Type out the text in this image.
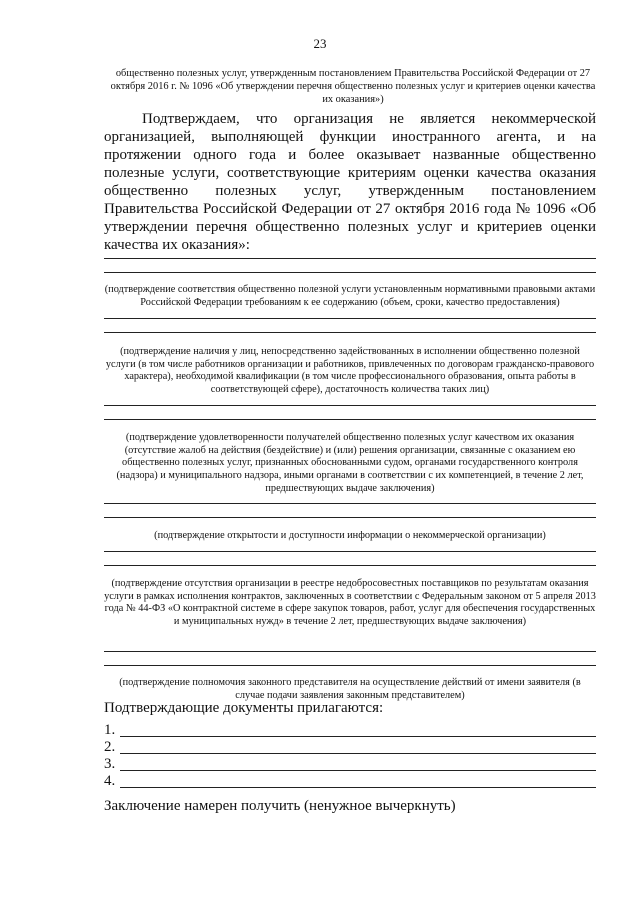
23
общественно полезных услуг, утвержденным постановлением Правительства Российской Федерации от 27 октября 2016 г. № 1096 «Об утверждении перечня общественно полезных услуг и критериев оценки качества их оказания»)

Подтверждаем, что организация не является некоммерческой организацией, выполняющей функции иностранного агента, и на протяжении одного года и более оказывает названные общественно полезные услуги, соответствующие критериям оценки качества оказания общественно полезных услуг, утвержденным постановлением Правительства Российской Федерации от 27 октября 2016 года № 1096 «Об утверждении перечня общественно полезных услуг и критериев оценки качества их оказания»:

(подтверждение соответствия общественно полезной услуги установленным нормативными правовыми актами Российской Федерации требованиям к ее содержанию (объем, сроки, качество предоставления)

(подтверждение наличия у лиц, непосредственно задействованных в исполнении общественно полезной услуги (в том числе работников организации и работников, привлеченных по договорам гражданско-правового характера), необходимой квалификации (в том числе профессионального образования, опыта работы в соответствующей сфере), достаточность количества таких лиц)

(подтверждение удовлетворенности получателей общественно полезных услуг качеством их оказания (отсутствие жалоб на действия (бездействие) и (или) решения организации, связанные с оказанием ею общественно полезных услуг, признанных обоснованными судом, органами государственного контроля (надзора) и муниципального надзора, иными органами в соответствии с их компетенцией, в течение 2 лет, предшествующих выдаче заключения)

(подтверждение открытости и доступности информации о некоммерческой организации)

(подтверждение отсутствия организации в реестре недобросовестных поставщиков по результатам оказания услуги в рамках исполнения контрактов, заключенных в соответствии с Федеральным законом от 5 апреля 2013 года № 44-ФЗ «О контрактной системе в сфере закупок товаров, работ, услуг для обеспечения государственных и муниципальных нужд» в течение 2 лет, предшествующих выдаче заключения)

(подтверждение полномочия законного представителя на осуществление действий от имени заявителя (в случае подачи заявления законным представителем)

Подтверждающие документы прилагаются:
1.
2.
3.
4.
Заключение намерен получить (ненужное вычеркнуть)
